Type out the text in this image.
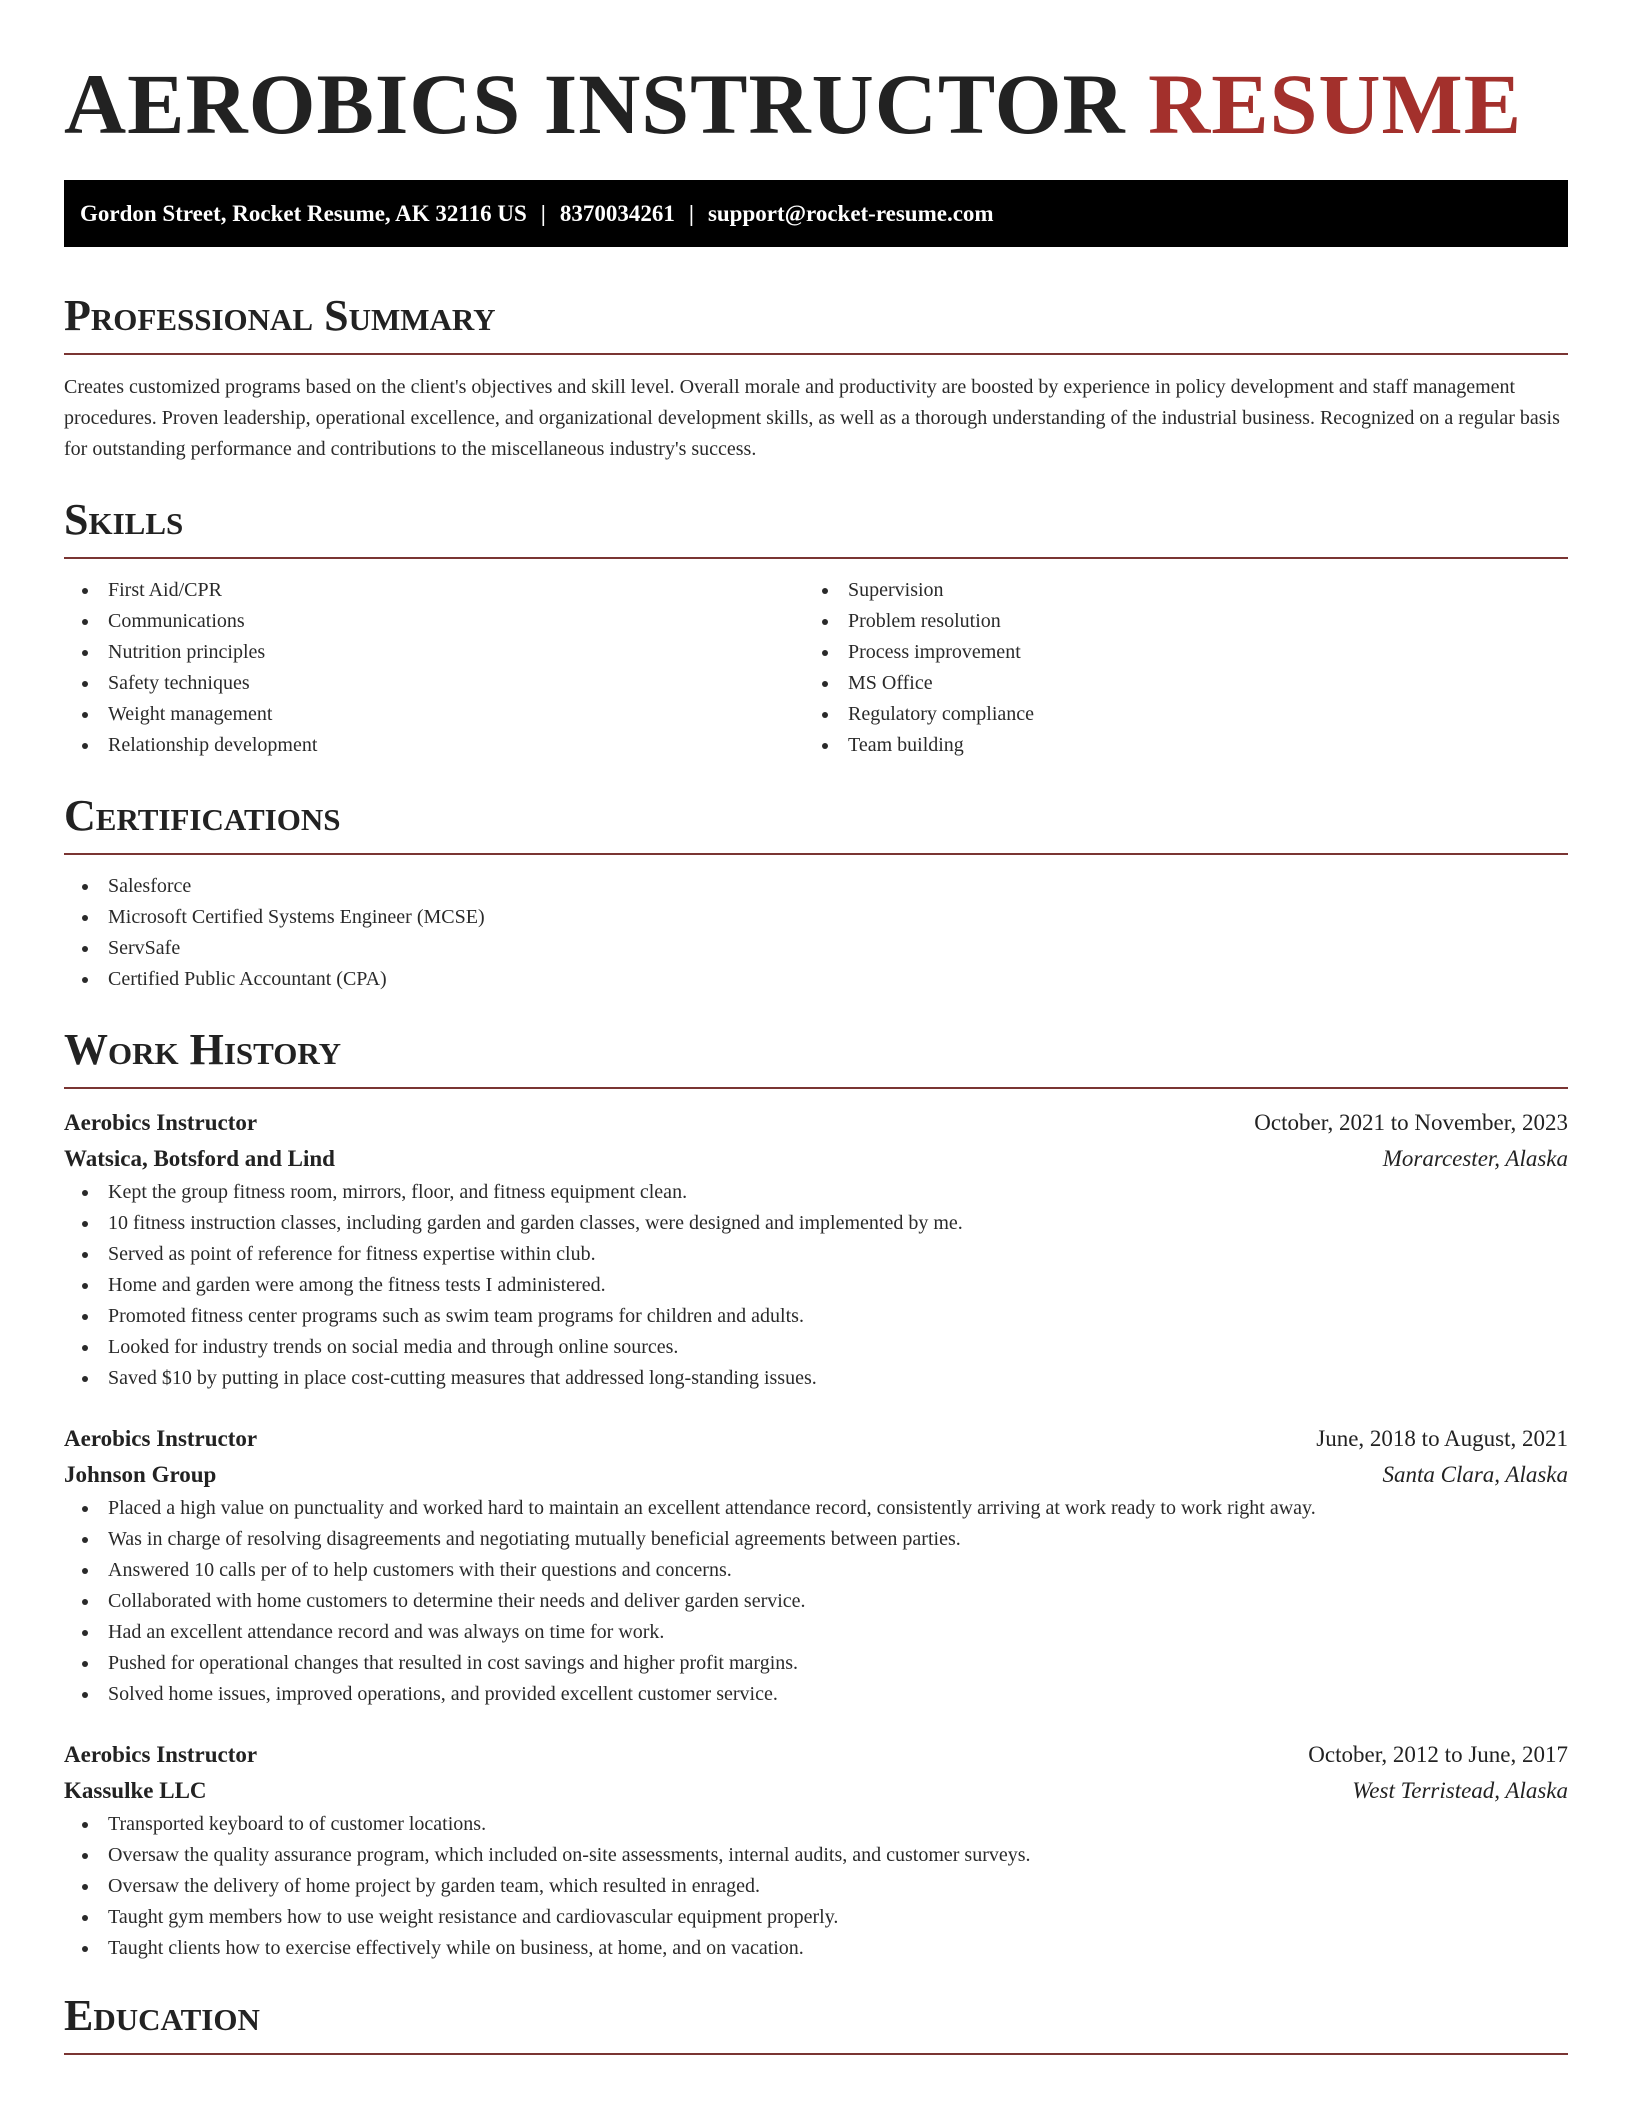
AEROBICS INSTRUCTOR RESUME
Gordon Street, Rocket Resume, AK 32116 US | 8370034261 | support@rocket-resume.com
Professional Summary

Creates customized programs based on the client's objectives and skill level. Overall morale and productivity are boosted by experience in policy development and staff management procedures. Proven leadership, operational excellence, and organizational development skills, as well as a thorough understanding of the industrial business. Recognized on a regular basis for outstanding performance and contributions to the miscellaneous industry's success.

Skills
First Aid/CPR
Communications
Nutrition principles
Safety techniques
Weight management
Relationship development
Supervision
Problem resolution
Process improvement
MS Office
Regulatory compliance
Team building
Certifications
Salesforce
Microsoft Certified Systems Engineer (MCSE)
ServSafe
Certified Public Accountant (CPA)
Work History
Aerobics Instructor	October, 2021 to November, 2023
Watsica, Botsford and Lind	Morarcester, Alaska
Kept the group fitness room, mirrors, floor, and fitness equipment clean.
10 fitness instruction classes, including garden and garden classes, were designed and implemented by me.
Served as point of reference for fitness expertise within club.
Home and garden were among the fitness tests I administered.
Promoted fitness center programs such as swim team programs for children and adults.
Looked for industry trends on social media and through online sources.
Saved $10 by putting in place cost-cutting measures that addressed long-standing issues.
Aerobics Instructor	June, 2018 to August, 2021
Johnson Group	Santa Clara, Alaska
Placed a high value on punctuality and worked hard to maintain an excellent attendance record, consistently arriving at work ready to work right away.
Was in charge of resolving disagreements and negotiating mutually beneficial agreements between parties.
Answered 10 calls per of to help customers with their questions and concerns.
Collaborated with home customers to determine their needs and deliver garden service.
Had an excellent attendance record and was always on time for work.
Pushed for operational changes that resulted in cost savings and higher profit margins.
Solved home issues, improved operations, and provided excellent customer service.
Aerobics Instructor	October, 2012 to June, 2017
Kassulke LLC	West Terristead, Alaska
Transported keyboard to of customer locations.
Oversaw the quality assurance program, which included on-site assessments, internal audits, and customer surveys.
Oversaw the delivery of home project by garden team, which resulted in enraged.
Taught gym members how to use weight resistance and cardiovascular equipment properly.
Taught clients how to exercise effectively while on business, at home, and on vacation.
Education
